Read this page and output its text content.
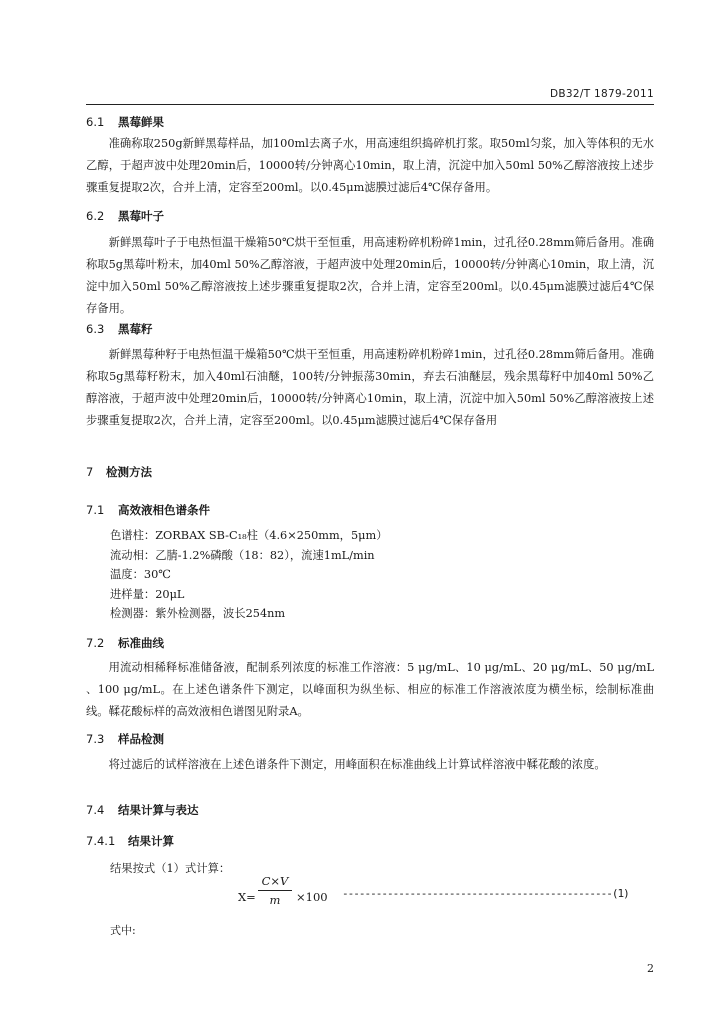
DB32/T 1879-2011
6.1 黑莓鲜果
准确称取250g新鲜黑莓样品，加100ml去离子水，用高速组织捣碎机打浆。取50ml匀浆，加入等体积的无水乙醇，于超声波中处理20min后，10000转/分钟离心10min，取上清，沉淀中加入50ml 50%乙醇溶液按上述步骤重复提取2次，合并上清，定容至200ml。以0.45μm滤膜过滤后4℃保存备用。
6.2 黑莓叶子
新鲜黑莓叶子于电热恒温干燥箱50℃烘干至恒重，用高速粉碎机粉碎1min，过孔径0.28mm筛后备用。准确称取5g黑莓叶粉末，加40ml 50%乙醇溶液，于超声波中处理20min后，10000转/分钟离心10min，取上清，沉淀中加入50ml 50%乙醇溶液按上述步骤重复提取2次，合并上清，定容至200ml。以0.45μm滤膜过滤后4℃保存备用。
6.3 黑莓籽
新鲜黑莓种籽于电热恒温干燥箱50℃烘干至恒重，用高速粉碎机粉碎1min，过孔径0.28mm筛后备用。准确称取5g黑莓籽粉末，加入40ml石油醚，100转/分钟振荡30min，弃去石油醚层，残余黑莓籽中加40ml 50%乙醇溶液，于超声波中处理20min后，10000转/分钟离心10min，取上清，沉淀中加入50ml 50%乙醇溶液按上述步骤重复提取2次，合并上清，定容至200ml。以0.45μm滤膜过滤后4℃保存备用
7 检测方法
7.1 高效液相色谱条件
色谱柱：ZORBAX SB-C₁₈柱（4.6×250mm，5μm）
流动相：乙腈-1.2%磷酸（18：82），流速1mL/min
温度：30℃
进样量：20μL
检测器：紫外检测器，波长254nm
7.2 标准曲线
用流动相稀释标准储备液，配制系列浓度的标准工作溶液：5 μg/mL、10 μg/mL、20 μg/mL、50 μg/mL 、100 μg/mL。在上述色谱条件下测定，以峰面积为纵坐标、相应的标准工作溶液浓度为横坐标，绘制标准曲线。鞣花酸标样的高效液相色谱图见附录A。
7.3 样品检测
将过滤后的试样溶液在上述色谱条件下测定，用峰面积在标准曲线上计算试样溶液中鞣花酸的浓度。
7.4 结果计算与表达
7.4.1 结果计算
结果按式（1）式计算：
$X= \frac{C\times V}{m} \times 100$ ------------------------------------------------(1)
式中:
2
